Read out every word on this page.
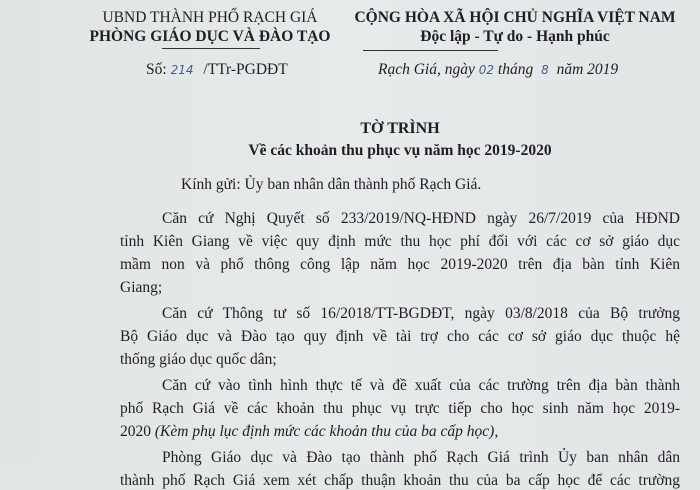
UBND THÀNH PHỐ RẠCH GIÁ
PHÒNG GIÁO DỤC VÀ ĐÀO TẠO
CỘNG HÒA XÃ HỘI CHỦ NGHĨA VIỆT NAM
Độc lập - Tự do - Hạnh phúc
Số: 214 /TTr-PGDĐT	Rạch Giá, ngày 02 tháng 8 năm 2019
TỜ TRÌNH
Về các khoản thu phục vụ năm học 2019-2020
Kính gửi: Ủy ban nhân dân thành phố Rạch Giá.
Căn cứ Nghị Quyết số 233/2019/NQ-HĐND ngày 26/7/2019 của HĐND
tỉnh Kiên Giang về việc quy định mức thu học phí đối với các cơ sở giáo dục
mầm non và phổ thông công lập năm học 2019-2020 trên địa bàn tỉnh Kiên
Giang;
Căn cứ Thông tư số 16/2018/TT-BGDĐT, ngày 03/8/2018 của Bộ trưởng
Bộ Giáo dục và Đào tạo quy định về tài trợ cho các cơ sở giáo dục thuộc hệ
thống giáo dục quốc dân;
Căn cứ vào tình hình thực tế và đề xuất của các trường trên địa bàn thành
phố Rạch Giá về các khoản thu phục vụ trực tiếp cho học sinh năm học 2019-
2020 (Kèm phụ lục định mức các khoản thu của ba cấp học),
Phòng Giáo dục và Đào tạo thành phố Rạch Giá trình Ủy ban nhân dân
thành phố Rạch Giá xem xét chấp thuận khoản thu của ba cấp học để các trường
